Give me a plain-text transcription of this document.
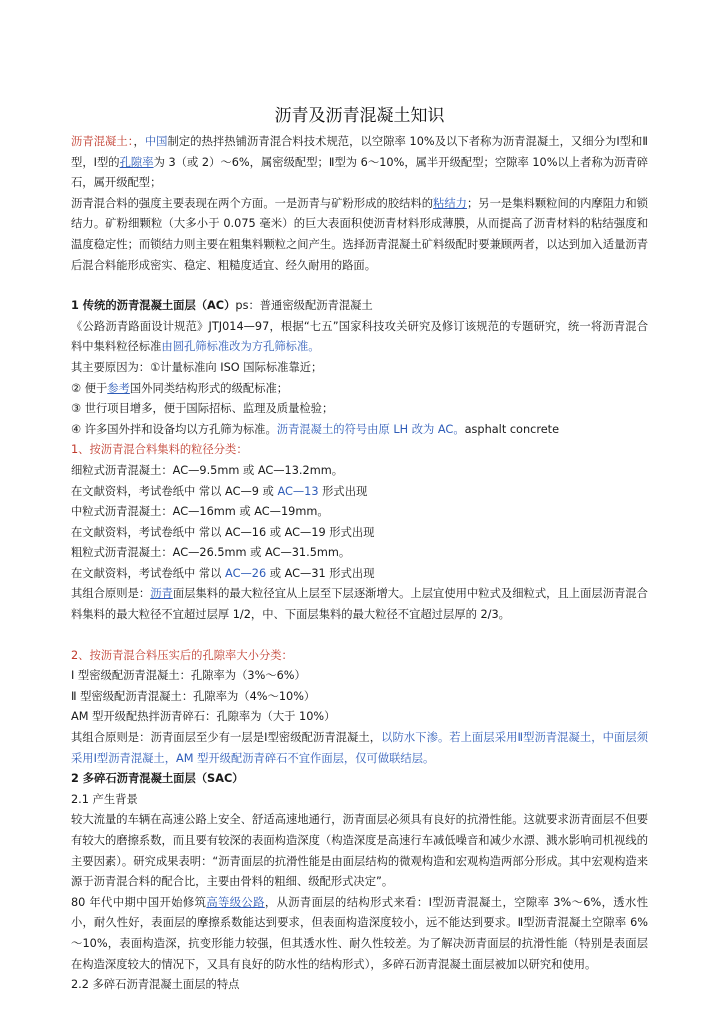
沥青及沥青混凝土知识

沥青混凝土：，中国制定的热拌热铺沥青混合料技术规范，以空隙率 10%及以下者称为沥青混凝土，又细分为Ⅰ型和Ⅱ型，Ⅰ型的孔隙率为 3（或 2）～6%，属密级配型；Ⅱ型为 6～10%，属半开级配型；空隙率 10%以上者称为沥青碎石，属开级配型；

沥青混合料的强度主要表现在两个方面。一是沥青与矿粉形成的胶结料的粘结力；另一是集料颗粒间的内摩阻力和锁结力。矿粉细颗粒（大多小于 0.075 毫米）的巨大表面积使沥青材料形成薄膜，从而提高了沥青材料的粘结强度和温度稳定性；而锁结力则主要在粗集料颗粒之间产生。选择沥青混凝土矿料级配时要兼顾两者，以达到加入适量沥青后混合料能形成密实、稳定、粗糙度适宜、经久耐用的路面。

1 传统的沥青混凝土面层（AC）ps：普通密级配沥青混凝土

《公路沥青路面设计规范》JTJ014—97，根据“七五”国家科技攻关研究及修订该规范的专题研究，统一将沥青混合料中集料粒径标准由圆孔筛标准改为方孔筛标准。

其主要原因为：①计量标准向 ISO 国际标准靠近；

② 便于参考国外同类结构形式的级配标准；

③ 世行项目增多，便于国际招标、监理及质量检验；

④ 许多国外拌和设备均以方孔筛为标准。沥青混凝土的符号由原 LH 改为 AC。asphalt concrete

1、按沥青混合料集料的粒径分类：

细粒式沥青混凝土：AC—9.5mm 或 AC—13.2mm。

在文献资料，考试卷纸中 常以 AC—9 或 AC—13 形式出现

中粒式沥青混凝土：AC—16mm 或 AC—19mm。

在文献资料，考试卷纸中 常以 AC—16 或 AC—19 形式出现

粗粒式沥青混凝土：AC—26.5mm 或 AC—31.5mm。

在文献资料，考试卷纸中 常以 AC—26 或 AC—31 形式出现

其组合原则是：沥青面层集料的最大粒径宜从上层至下层逐渐增大。上层宜使用中粒式及细粒式，且上面层沥青混合料集料的最大粒径不宜超过层厚 1/2，中、下面层集料的最大粒径不宜超过层厚的 2/3。

2、按沥青混合料压实后的孔隙率大小分类：

Ⅰ 型密级配沥青混凝土：孔隙率为（3%～6%）

Ⅱ 型密级配沥青混凝土：孔隙率为（4%～10%）

AM 型开级配热拌沥青碎石：孔隙率为（大于 10%）

其组合原则是：沥青面层至少有一层是Ⅰ型密级配沥青混凝土，以防水下渗。若上面层采用Ⅱ型沥青混凝土，中面层须采用Ⅰ型沥青混凝土，AM 型开级配沥青碎石不宜作面层，仅可做联结层。

2 多碎石沥青混凝土面层（SAC）

2.1 产生背景

较大流量的车辆在高速公路上安全、舒适高速地通行，沥青面层必须具有良好的抗滑性能。这就要求沥青面层不但要有较大的磨擦系数，而且要有较深的表面构造深度（构造深度是高速行车减低噪音和减少水漂、溅水影响司机视线的主要因素）。研究成果表明：“沥青面层的抗滑性能是由面层结构的微观构造和宏观构造两部分形成。其中宏观构造来源于沥青混合料的配合比，主要由骨料的粗细、级配形式决定”。

80 年代中期中国开始修筑高等级公路，从沥青面层的结构形式来看：Ⅰ型沥青混凝土，空隙率 3%～6%，透水性小，耐久性好，表面层的摩擦系数能达到要求，但表面构造深度较小，远不能达到要求。Ⅱ型沥青混凝土空隙率 6%～10%，表面构造深，抗变形能力较强，但其透水性、耐久性较差。为了解决沥青面层的抗滑性能（特别是表面层在构造深度较大的情况下，又具有良好的防水性的结构形式），多碎石沥青混凝土面层被加以研究和使用。

2.2 多碎石沥青混凝土面层的特点
